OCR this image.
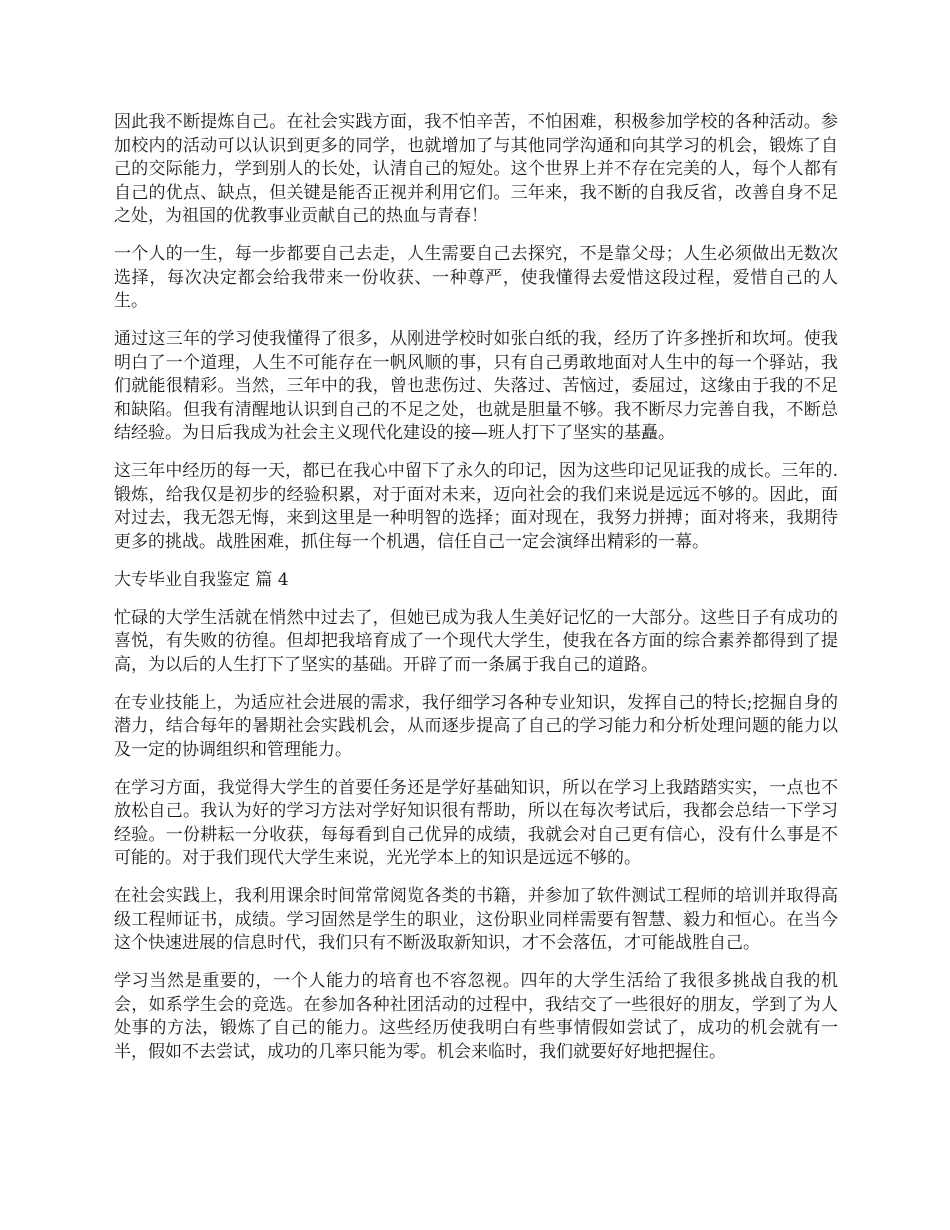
因此我不断提炼自己。在社会实践方面，我不怕辛苦，不怕困难，积极参加学校的各种活动。参加校内的活动可以认识到更多的同学，也就增加了与其他同学沟通和向其学习的机会，锻炼了自己的交际能力，学到别人的长处，认清自己的短处。这个世界上并不存在完美的人，每个人都有自己的优点、缺点，但关键是能否正视并利用它们。三年来，我不断的自我反省，改善自身不足之处，为祖国的优教事业贡献自己的热血与青春！

一个人的一生，每一步都要自己去走，人生需要自己去探究，不是靠父母；人生必须做出无数次选择，每次决定都会给我带来一份收获、一种尊严，使我懂得去爱惜这段过程，爱惜自己的人生。

通过这三年的学习使我懂得了很多，从刚进学校时如张白纸的我，经历了许多挫折和坎坷。使我明白了一个道理，人生不可能存在一帆风顺的事，只有自己勇敢地面对人生中的每一个驿站，我们就能很精彩。当然，三年中的我，曾也悲伤过、失落过、苦恼过，委屈过，这缘由于我的不足和缺陷。但我有清醒地认识到自己的不足之处，也就是胆量不够。我不断尽力完善自我，不断总结经验。为日后我成为社会主义现代化建设的接—班人打下了坚实的基矗。

这三年中经历的每一天，都已在我心中留下了永久的印记，因为这些印记见证我的成长。三年的.锻炼，给我仅是初步的经验积累，对于面对未来，迈向社会的我们来说是远远不够的。因此，面对过去，我无怨无悔，来到这里是一种明智的选择；面对现在，我努力拼搏；面对将来，我期待更多的挑战。战胜困难，抓住每一个机遇，信任自己一定会演绎出精彩的一幕。

大专毕业自我鉴定 篇 4

忙碌的大学生活就在悄然中过去了，但她已成为我人生美好记忆的一大部分。这些日子有成功的喜悦，有失败的彷徨。但却把我培育成了一个现代大学生，使我在各方面的综合素养都得到了提高，为以后的人生打下了坚实的基础。开辟了而一条属于我自己的道路。

在专业技能上，为适应社会进展的需求，我仔细学习各种专业知识，发挥自己的特长;挖掘自身的潜力，结合每年的暑期社会实践机会，从而逐步提高了自己的学习能力和分析处理问题的能力以及一定的协调组织和管理能力。

在学习方面，我觉得大学生的首要任务还是学好基础知识，所以在学习上我踏踏实实，一点也不放松自己。我认为好的学习方法对学好知识很有帮助，所以在每次考试后，我都会总结一下学习经验。一份耕耘一分收获，每每看到自己优异的成绩，我就会对自己更有信心，没有什么事是不可能的。对于我们现代大学生来说，光光学本上的知识是远远不够的。

在社会实践上，我利用课余时间常常阅览各类的书籍，并参加了软件测试工程师的培训并取得高级工程师证书，成绩。学习固然是学生的职业，这份职业同样需要有智慧、毅力和恒心。在当今这个快速进展的信息时代，我们只有不断汲取新知识，才不会落伍，才可能战胜自己。

学习当然是重要的，一个人能力的培育也不容忽视。四年的大学生活给了我很多挑战自我的机会，如系学生会的竞选。在参加各种社团活动的过程中，我结交了一些很好的朋友，学到了为人处事的方法，锻炼了自己的能力。这些经历使我明白有些事情假如尝试了，成功的机会就有一半，假如不去尝试，成功的几率只能为零。机会来临时，我们就要好好地把握住。
